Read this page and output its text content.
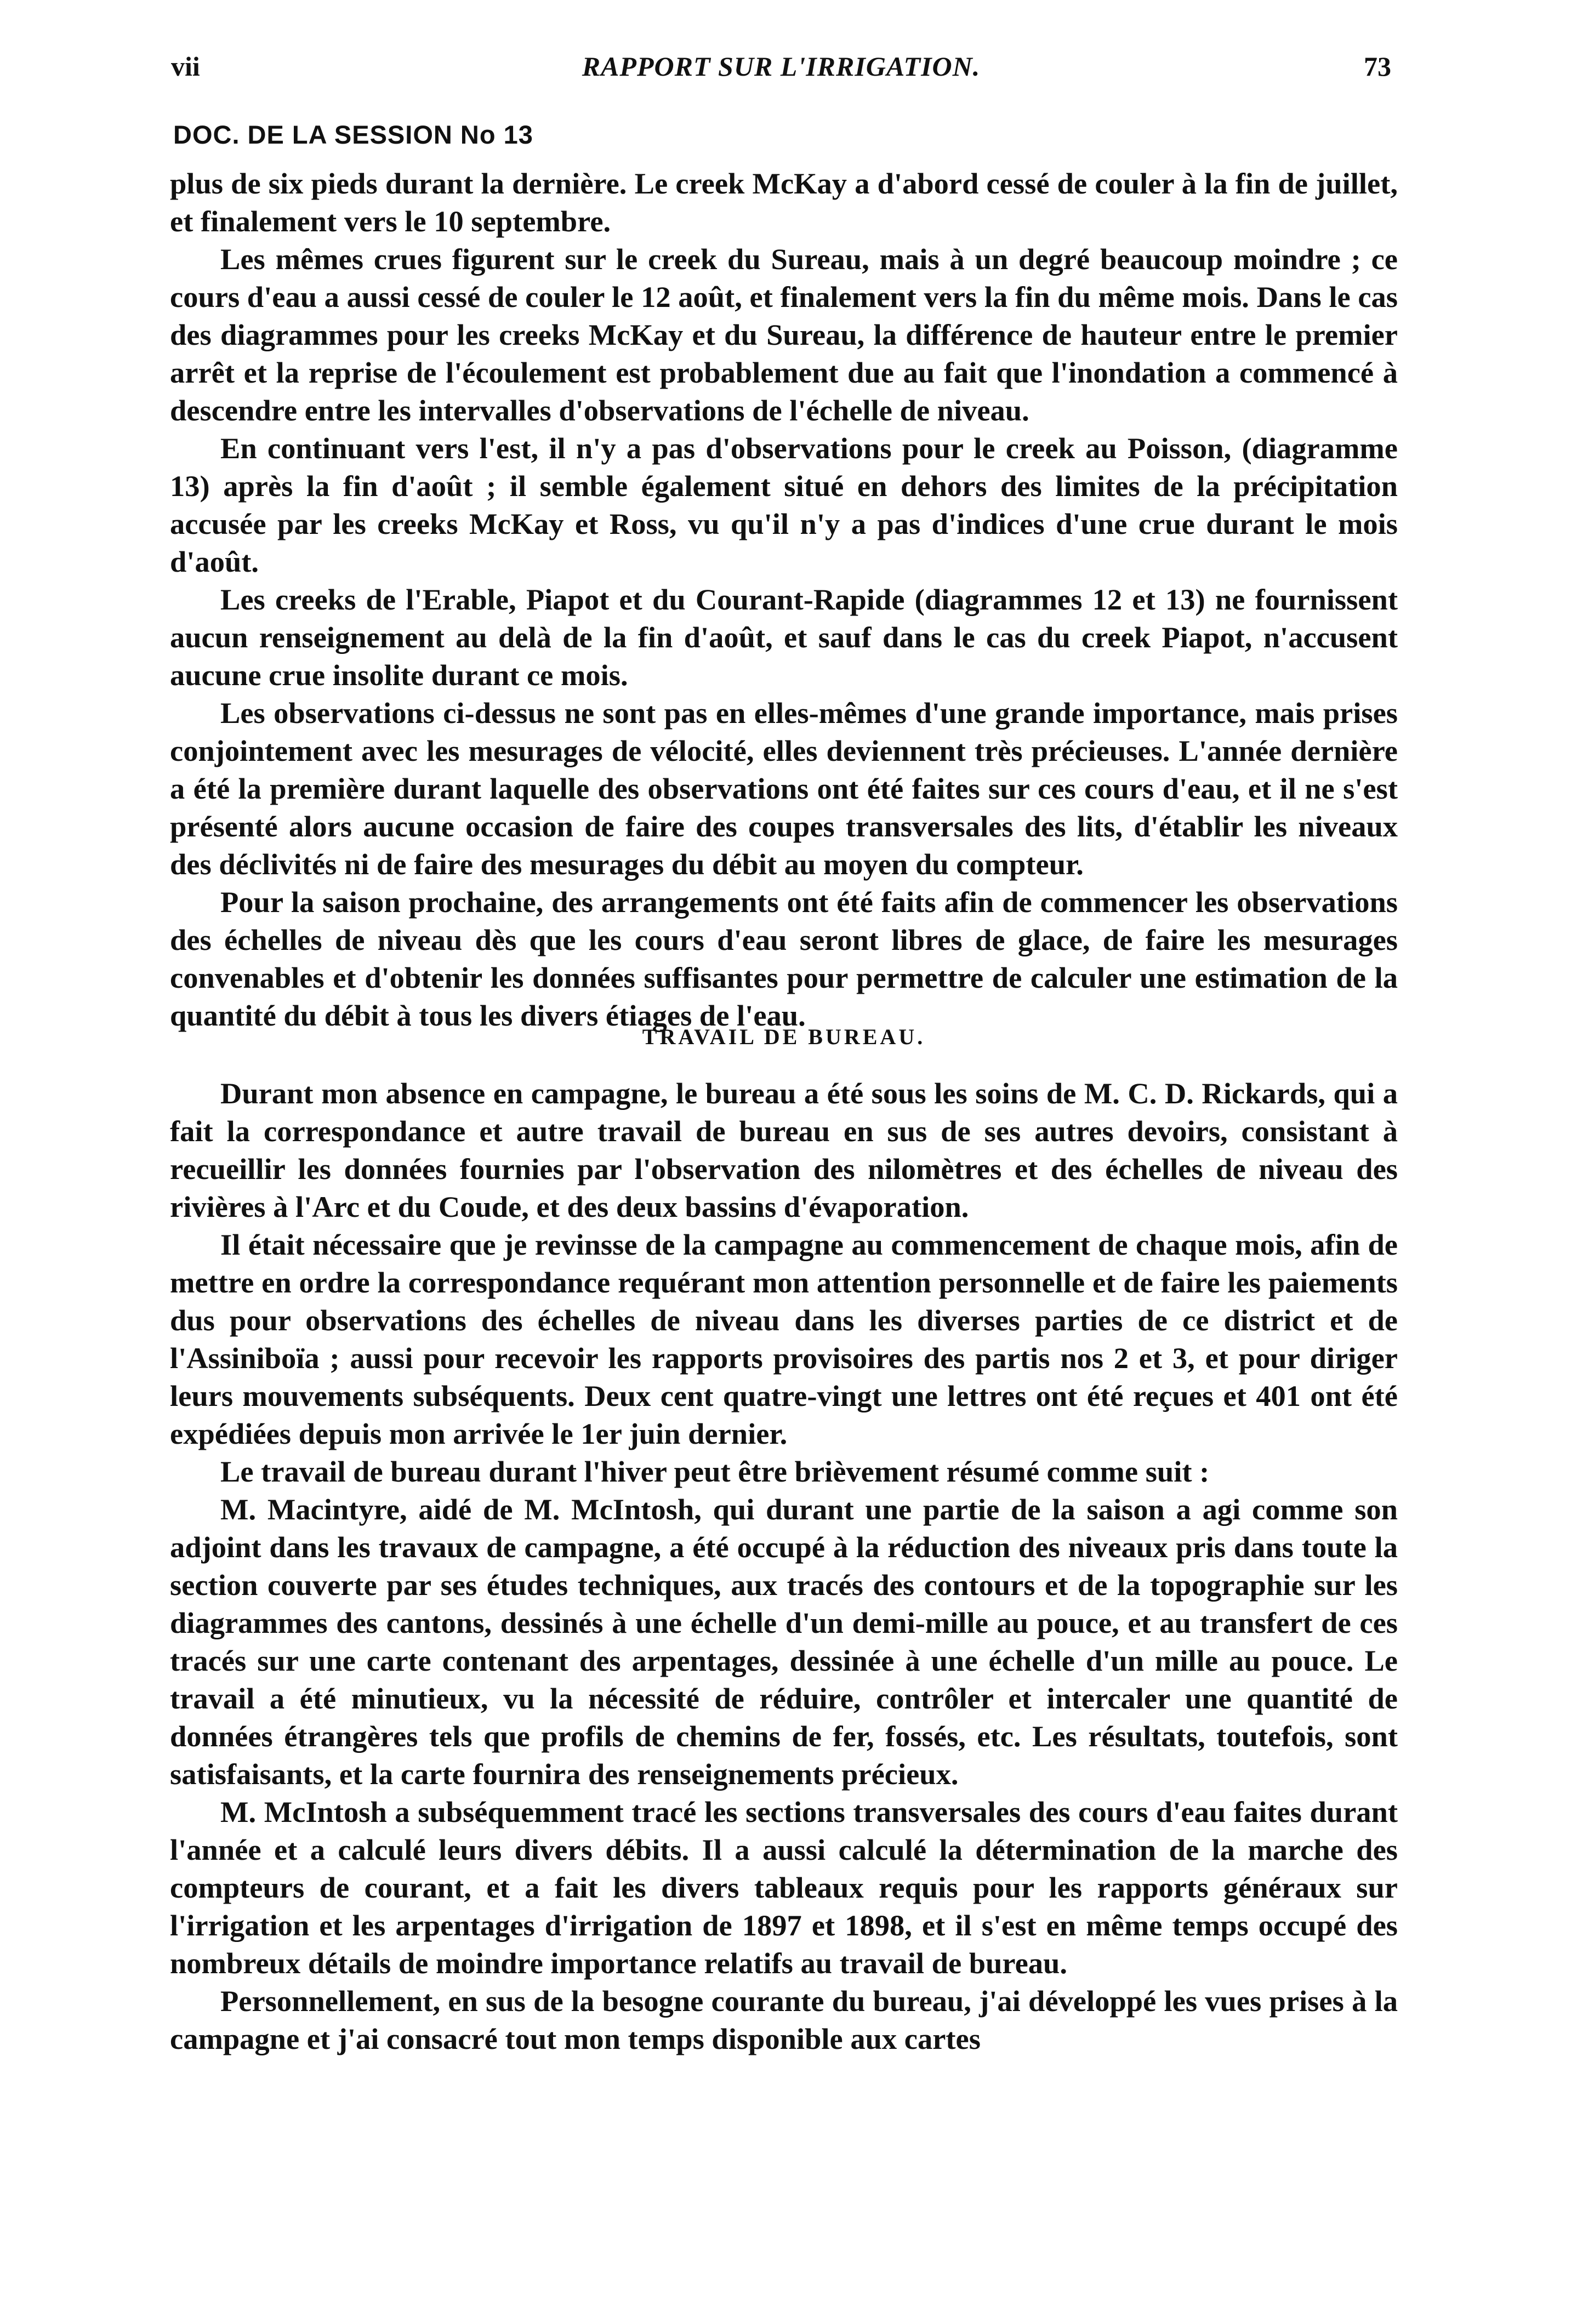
vii	RAPPORT SUR L'IRRIGATION.	73
DOC. DE LA SESSION No 13

plus de six pieds durant la dernière. Le creek McKay a d'abord cessé de couler à la fin de juillet, et finalement vers le 10 septembre.

Les mêmes crues figurent sur le creek du Sureau, mais à un degré beaucoup moindre ; ce cours d'eau a aussi cessé de couler le 12 août, et finalement vers la fin du même mois. Dans le cas des diagrammes pour les creeks McKay et du Sureau, la différence de hauteur entre le premier arrêt et la reprise de l'écoulement est probablement due au fait que l'inondation a commencé à descendre entre les intervalles d'observations de l'échelle de niveau.

En continuant vers l'est, il n'y a pas d'observations pour le creek au Poisson, (diagramme 13) après la fin d'août ; il semble également situé en dehors des limites de la précipitation accusée par les creeks McKay et Ross, vu qu'il n'y a pas d'indices d'une crue durant le mois d'août.

Les creeks de l'Erable, Piapot et du Courant-Rapide (diagrammes 12 et 13) ne fournissent aucun renseignement au delà de la fin d'août, et sauf dans le cas du creek Piapot, n'accusent aucune crue insolite durant ce mois.

Les observations ci-dessus ne sont pas en elles-mêmes d'une grande importance, mais prises conjointement avec les mesurages de vélocité, elles deviennent très précieuses. L'année dernière a été la première durant laquelle des observations ont été faites sur ces cours d'eau, et il ne s'est présenté alors aucune occasion de faire des coupes transversales des lits, d'établir les niveaux des déclivités ni de faire des mesurages du débit au moyen du compteur.

Pour la saison prochaine, des arrangements ont été faits afin de commencer les observations des échelles de niveau dès que les cours d'eau seront libres de glace, de faire les mesurages convenables et d'obtenir les données suffisantes pour permettre de calculer une estimation de la quantité du débit à tous les divers étiages de l'eau.

TRAVAIL DE BUREAU.

Durant mon absence en campagne, le bureau a été sous les soins de M. C. D. Rickards, qui a fait la correspondance et autre travail de bureau en sus de ses autres devoirs, consistant à recueillir les données fournies par l'observation des nilomètres et des échelles de niveau des rivières à l'Arc et du Coude, et des deux bassins d'évaporation.

Il était nécessaire que je revinsse de la campagne au commencement de chaque mois, afin de mettre en ordre la correspondance requérant mon attention personnelle et de faire les paiements dus pour observations des échelles de niveau dans les diverses parties de ce district et de l'Assiniboïa ; aussi pour recevoir les rapports provisoires des partis nos 2 et 3, et pour diriger leurs mouvements subséquents. Deux cent quatre-vingt une lettres ont été reçues et 401 ont été expédiées depuis mon arrivée le 1er juin dernier.

Le travail de bureau durant l'hiver peut être brièvement résumé comme suit :

M. Macintyre, aidé de M. McIntosh, qui durant une partie de la saison a agi comme son adjoint dans les travaux de campagne, a été occupé à la réduction des niveaux pris dans toute la section couverte par ses études techniques, aux tracés des contours et de la topographie sur les diagrammes des cantons, dessinés à une échelle d'un demi-mille au pouce, et au transfert de ces tracés sur une carte contenant des arpentages, dessinée à une échelle d'un mille au pouce. Le travail a été minutieux, vu la nécessité de réduire, contrôler et intercaler une quantité de données étrangères tels que profils de chemins de fer, fossés, etc. Les résultats, toutefois, sont satisfaisants, et la carte fournira des renseignements précieux.

M. McIntosh a subséquemment tracé les sections transversales des cours d'eau faites durant l'année et a calculé leurs divers débits. Il a aussi calculé la détermination de la marche des compteurs de courant, et a fait les divers tableaux requis pour les rapports généraux sur l'irrigation et les arpentages d'irrigation de 1897 et 1898, et il s'est en même temps occupé des nombreux détails de moindre importance relatifs au travail de bureau.

Personnellement, en sus de la besogne courante du bureau, j'ai développé les vues prises à la campagne et j'ai consacré tout mon temps disponible aux cartes
